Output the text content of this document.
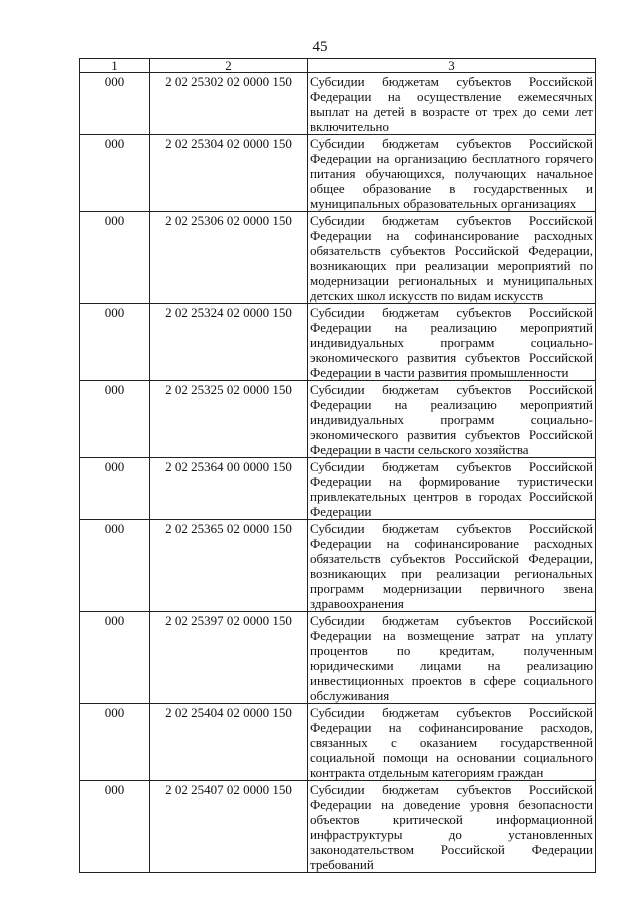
45
1	2	3
000	2 02 25302 02 0000 150	Субсидии бюджетам субъектов Российской Федерации на осуществление ежемесячных выплат на детей в возрасте от трех до семи лет включительно
000	2 02 25304 02 0000 150	Субсидии бюджетам субъектов Российской Федерации на организацию бесплатного горячего питания обучающихся, получающих начальное общее образование в государственных и муниципальных образовательных организациях
000	2 02 25306 02 0000 150	Субсидии бюджетам субъектов Российской Федерации на софинансирование расходных обязательств субъектов Российской Федерации, возникающих при реализации мероприятий по модернизации региональных и муниципальных детских школ искусств по видам искусств
000	2 02 25324 02 0000 150	Субсидии бюджетам субъектов Российской Федерации на реализацию мероприятий индивидуальных программ социально-экономического развития субъектов Российской Федерации в части развития промышленности
000	2 02 25325 02 0000 150	Субсидии бюджетам субъектов Российской Федерации на реализацию мероприятий индивидуальных программ социально-экономического развития субъектов Российской Федерации в части сельского хозяйства
000	2 02 25364 00 0000 150	Субсидии бюджетам субъектов Российской Федерации на формирование туристически привлекательных центров в городах Российской Федерации
000	2 02 25365 02 0000 150	Субсидии бюджетам субъектов Российской Федерации на софинансирование расходных обязательств субъектов Российской Федерации, возникающих при реализации региональных программ модернизации первичного звена здравоохранения
000	2 02 25397 02 0000 150	Субсидии бюджетам субъектов Российской Федерации на возмещение затрат на уплату процентов по кредитам, полученным юридическими лицами на реализацию инвестиционных проектов в сфере социального обслуживания
000	2 02 25404 02 0000 150	Субсидии бюджетам субъектов Российской Федерации на софинансирование расходов, связанных с оказанием государственной социальной помощи на основании социального контракта отдельным категориям граждан
000	2 02 25407 02 0000 150	Субсидии бюджетам субъектов Российской Федерации на доведение уровня безопасности объектов критической информационной инфраструктуры до установленных законодательством Российской Федерации требований
